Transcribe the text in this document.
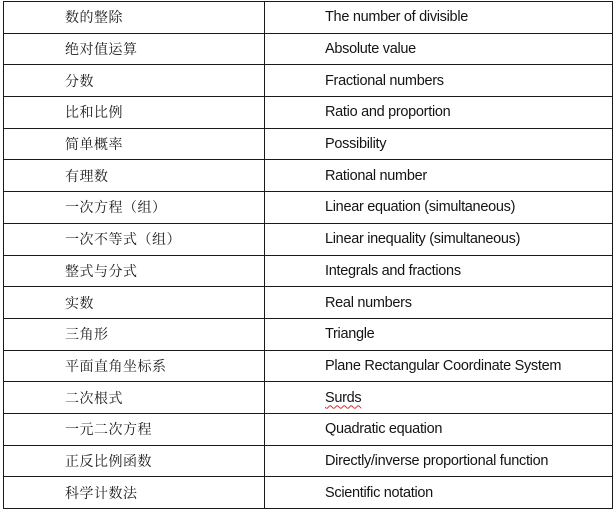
数的整除	The number of divisible
绝对值运算	Absolute value
分数	Fractional numbers
比和比例	Ratio and proportion
简单概率	Possibility
有理数	Rational number
一次方程（组）	Linear equation (simultaneous)
一次不等式（组）	Linear inequality (simultaneous)
整式与分式	Integrals and fractions
实数	Real numbers
三角形	Triangle
平面直角坐标系	Plane Rectangular Coordinate System
二次根式	Surds
一元二次方程	Quadratic equation
正反比例函数	Directly/inverse proportional function
科学计数法	Scientific notation
